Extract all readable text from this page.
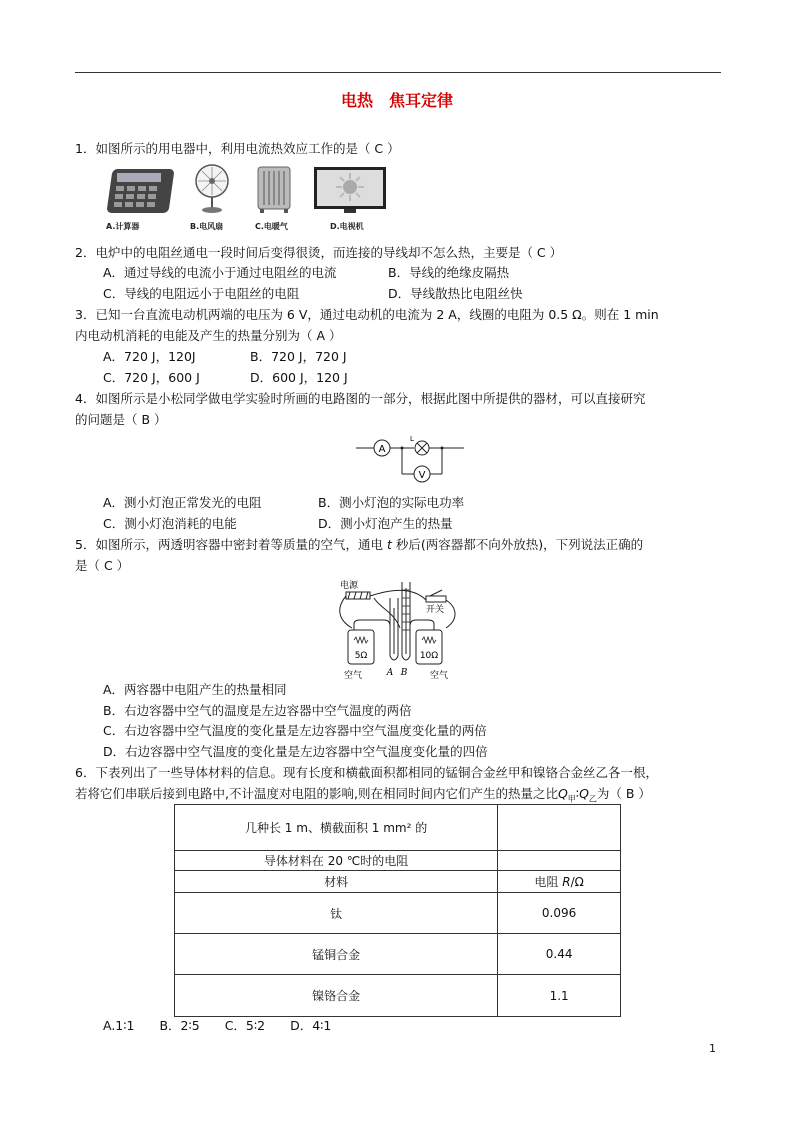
电热　焦耳定律
1．如图所示的用电器中，利用电流热效应工作的是（ C ）
A.计算器	B.电风扇	C.电暖气	D.电视机
2．电炉中的电阻丝通电一段时间后变得很烫，而连接的导线却不怎么热，主要是（ C ）
A．通过导线的电流小于通过电阻丝的电流	B．导线的绝缘皮隔热
C．导线的电阻远小于电阻丝的电阻	D．导线散热比电阻丝快
3．已知一台直流电动机两端的电压为 6 V，通过电动机的电流为 2 A，线圈的电阻为 0.5 Ω。则在 1 min
内电动机消耗的电能及产生的热量分别为（ A ）
A．720 J，120J	B．720 J，720 J
C．720 J，600 J	D．600 J，120 J
4．如图所示是小松同学做电学实验时所画的电路图的一部分，根据此图中所提供的器材，可以直接研究
的问题是（ B ）
A
L
V
A．测小灯泡正常发光的电阻	B．测小灯泡的实际电功率
C．测小灯泡消耗的电能	D．测小灯泡产生的热量
5．如图所示，两透明容器中密封着等质量的空气，通电 t 秒后(两容器都不向外放热)，下列说法正确的
是（ C ）
电源
开关
5Ω	10Ω
A B
空气	空气
A．两容器中电阻产生的热量相同
B．右边容器中空气的温度是左边容器中空气温度的两倍
C．右边容器中空气温度的变化量是左边容器中空气温度变化量的两倍
D．右边容器中空气温度的变化量是左边容器中空气温度变化量的四倍
6．下表列出了一些导体材料的信息。现有长度和横截面积都相同的锰铜合金丝甲和镍铬合金丝乙各一根，
若将它们串联后接到电路中,不计温度对电阻的影响,则在相同时间内它们产生的热量之比$Q_甲∶Q_乙$为（ B ）
几种长 1 m、横截面积 1 mm² 的	
导体材料在 20 ℃时的电阻	
材料	电阻 R/Ω
钛	0.096
锰铜合金	0.44
镍铬合金	1.1
A.1∶1　　B．2∶5　　C．5∶2　　D．4∶1
1
